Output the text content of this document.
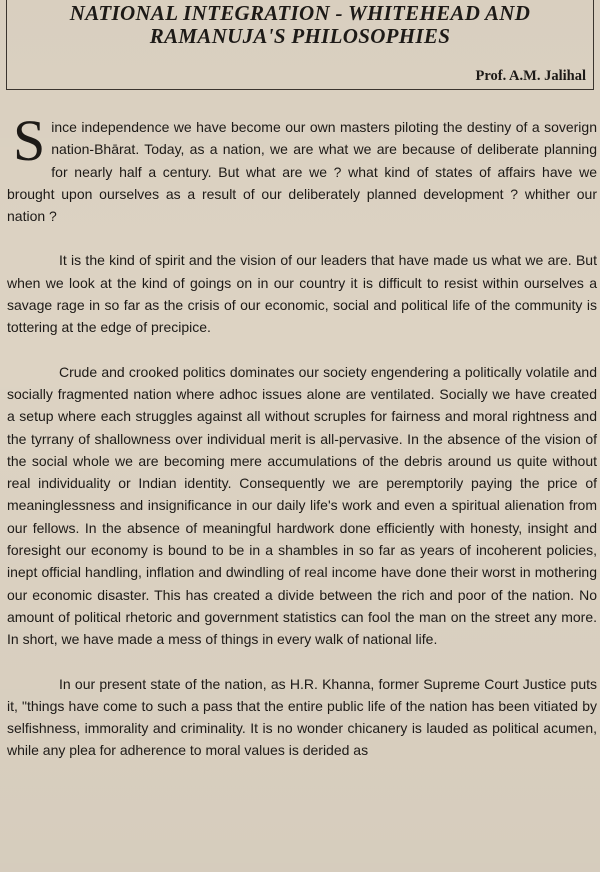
NATIONAL INTEGRATION - WHITEHEAD AND
RAMANUJA'S PHILOSOPHIES
Prof. A.M. Jalihal

Since independence we have become our own masters piloting the destiny of a soverign nation-Bhārat. Today, as a nation, we are what we are because of deliberate planning for nearly half a century. But what are we ? what kind of states of affairs have we brought upon ourselves as a result of our deliberately planned development ? whither our nation ?

It is the kind of spirit and the vision of our leaders that have made us what we are. But when we look at the kind of goings on in our country it is difficult to resist within ourselves a savage rage in so far as the crisis of our economic, social and political life of the community is tottering at the edge of precipice.

Crude and crooked politics dominates our society engendering a politically volatile and socially fragmented nation where adhoc issues alone are ventilated. Socially we have created a setup where each struggles against all without scruples for fairness and moral rightness and the tyrrany of shallowness over individual merit is all-pervasive. In the absence of the vision of the social whole we are becoming mere accumulations of the debris around us quite without real individuality or Indian identity. Consequently we are peremptorily paying the price of meaninglessness and insignificance in our daily life's work and even a spiritual alienation from our fellows. In the absence of meaningful hardwork done efficiently with honesty, insight and foresight our economy is bound to be in a shambles in so far as years of incoherent policies, inept official handling, inflation and dwindling of real income have done their worst in mothering our economic disaster. This has created a divide between the rich and poor of the nation. No amount of political rhetoric and government statistics can fool the man on the street any more. In short, we have made a mess of things in every walk of national life.

In our present state of the nation, as H.R. Khanna, former Supreme Court Justice puts it, "things have come to such a pass that the entire public life of the nation has been vitiated by selfishness, immorality and criminality. It is no wonder chicanery is lauded as political acumen, while any plea for adherence to moral values is derided as
